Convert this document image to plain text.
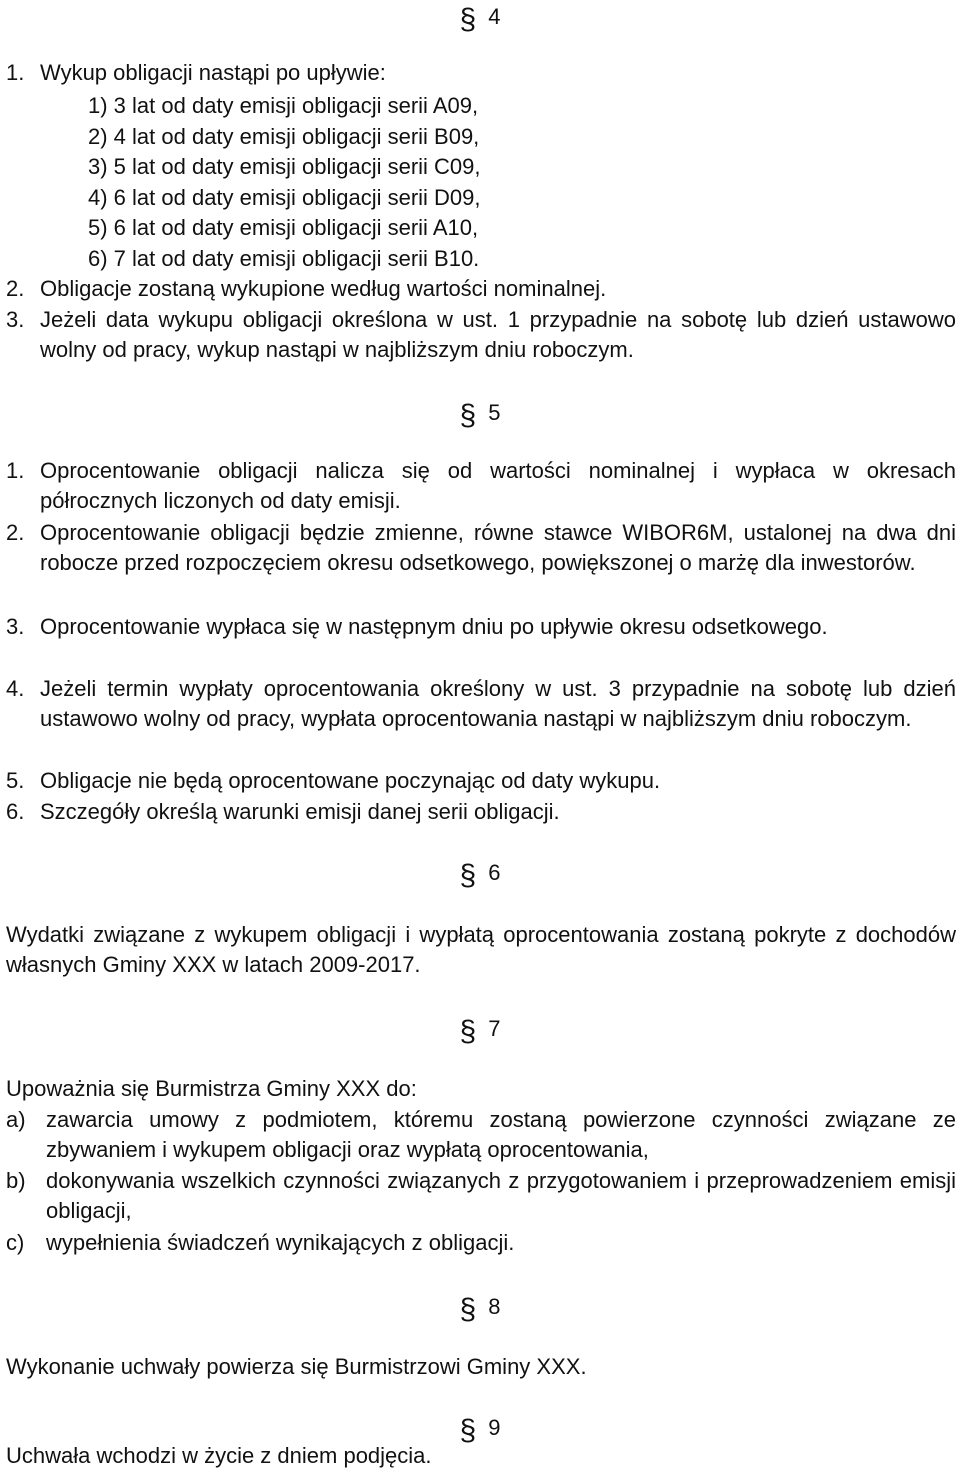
§ 4
1. Wykup obligacji nastąpi po upływie:
1) 3 lat od daty emisji obligacji serii A09,
2) 4 lat od daty emisji obligacji serii B09,
3) 5 lat od daty emisji obligacji serii C09,
4) 6 lat od daty emisji obligacji serii D09,
5) 6 lat od daty emisji obligacji serii A10,
6) 7 lat od daty emisji obligacji serii B10.
2. Obligacje zostaną wykupione według wartości nominalnej.
3. Jeżeli data wykupu obligacji określona w ust. 1 przypadnie na sobotę lub dzień ustawowo wolny od pracy, wykup nastąpi w najbliższym dniu roboczym.
§ 5
1. Oprocentowanie obligacji nalicza się od wartości nominalnej i wypłaca w okresach półrocznych liczonych od daty emisji.
2. Oprocentowanie obligacji będzie zmienne, równe stawce WIBOR6M, ustalonej na dwa dni robocze przed rozpoczęciem okresu odsetkowego, powiększonej o marżę dla inwestorów.
3. Oprocentowanie wypłaca się w następnym dniu po upływie okresu odsetkowego.
4. Jeżeli termin wypłaty oprocentowania określony w ust. 3 przypadnie na sobotę lub dzień ustawowo wolny od pracy, wypłata oprocentowania nastąpi w najbliższym dniu roboczym.
5. Obligacje nie będą oprocentowane poczynając od daty wykupu.
6. Szczegóły określą warunki emisji danej serii obligacji.
§ 6

Wydatki związane z wykupem obligacji i wypłatą oprocentowania zostaną pokryte z dochodów własnych Gminy XXX w latach 2009-2017.

§ 7

Upoważnia się Burmistrza Gminy XXX do:

a) zawarcia umowy z podmiotem, któremu zostaną powierzone czynności związane ze zbywaniem i wykupem obligacji oraz wypłatą oprocentowania,
b) dokonywania wszelkich czynności związanych z przygotowaniem i przeprowadzeniem emisji obligacji,
c) wypełnienia świadczeń wynikających z obligacji.
§ 8

Wykonanie uchwały powierza się Burmistrzowi Gminy XXX.

§ 9

Uchwała wchodzi w życie z dniem podjęcia.
